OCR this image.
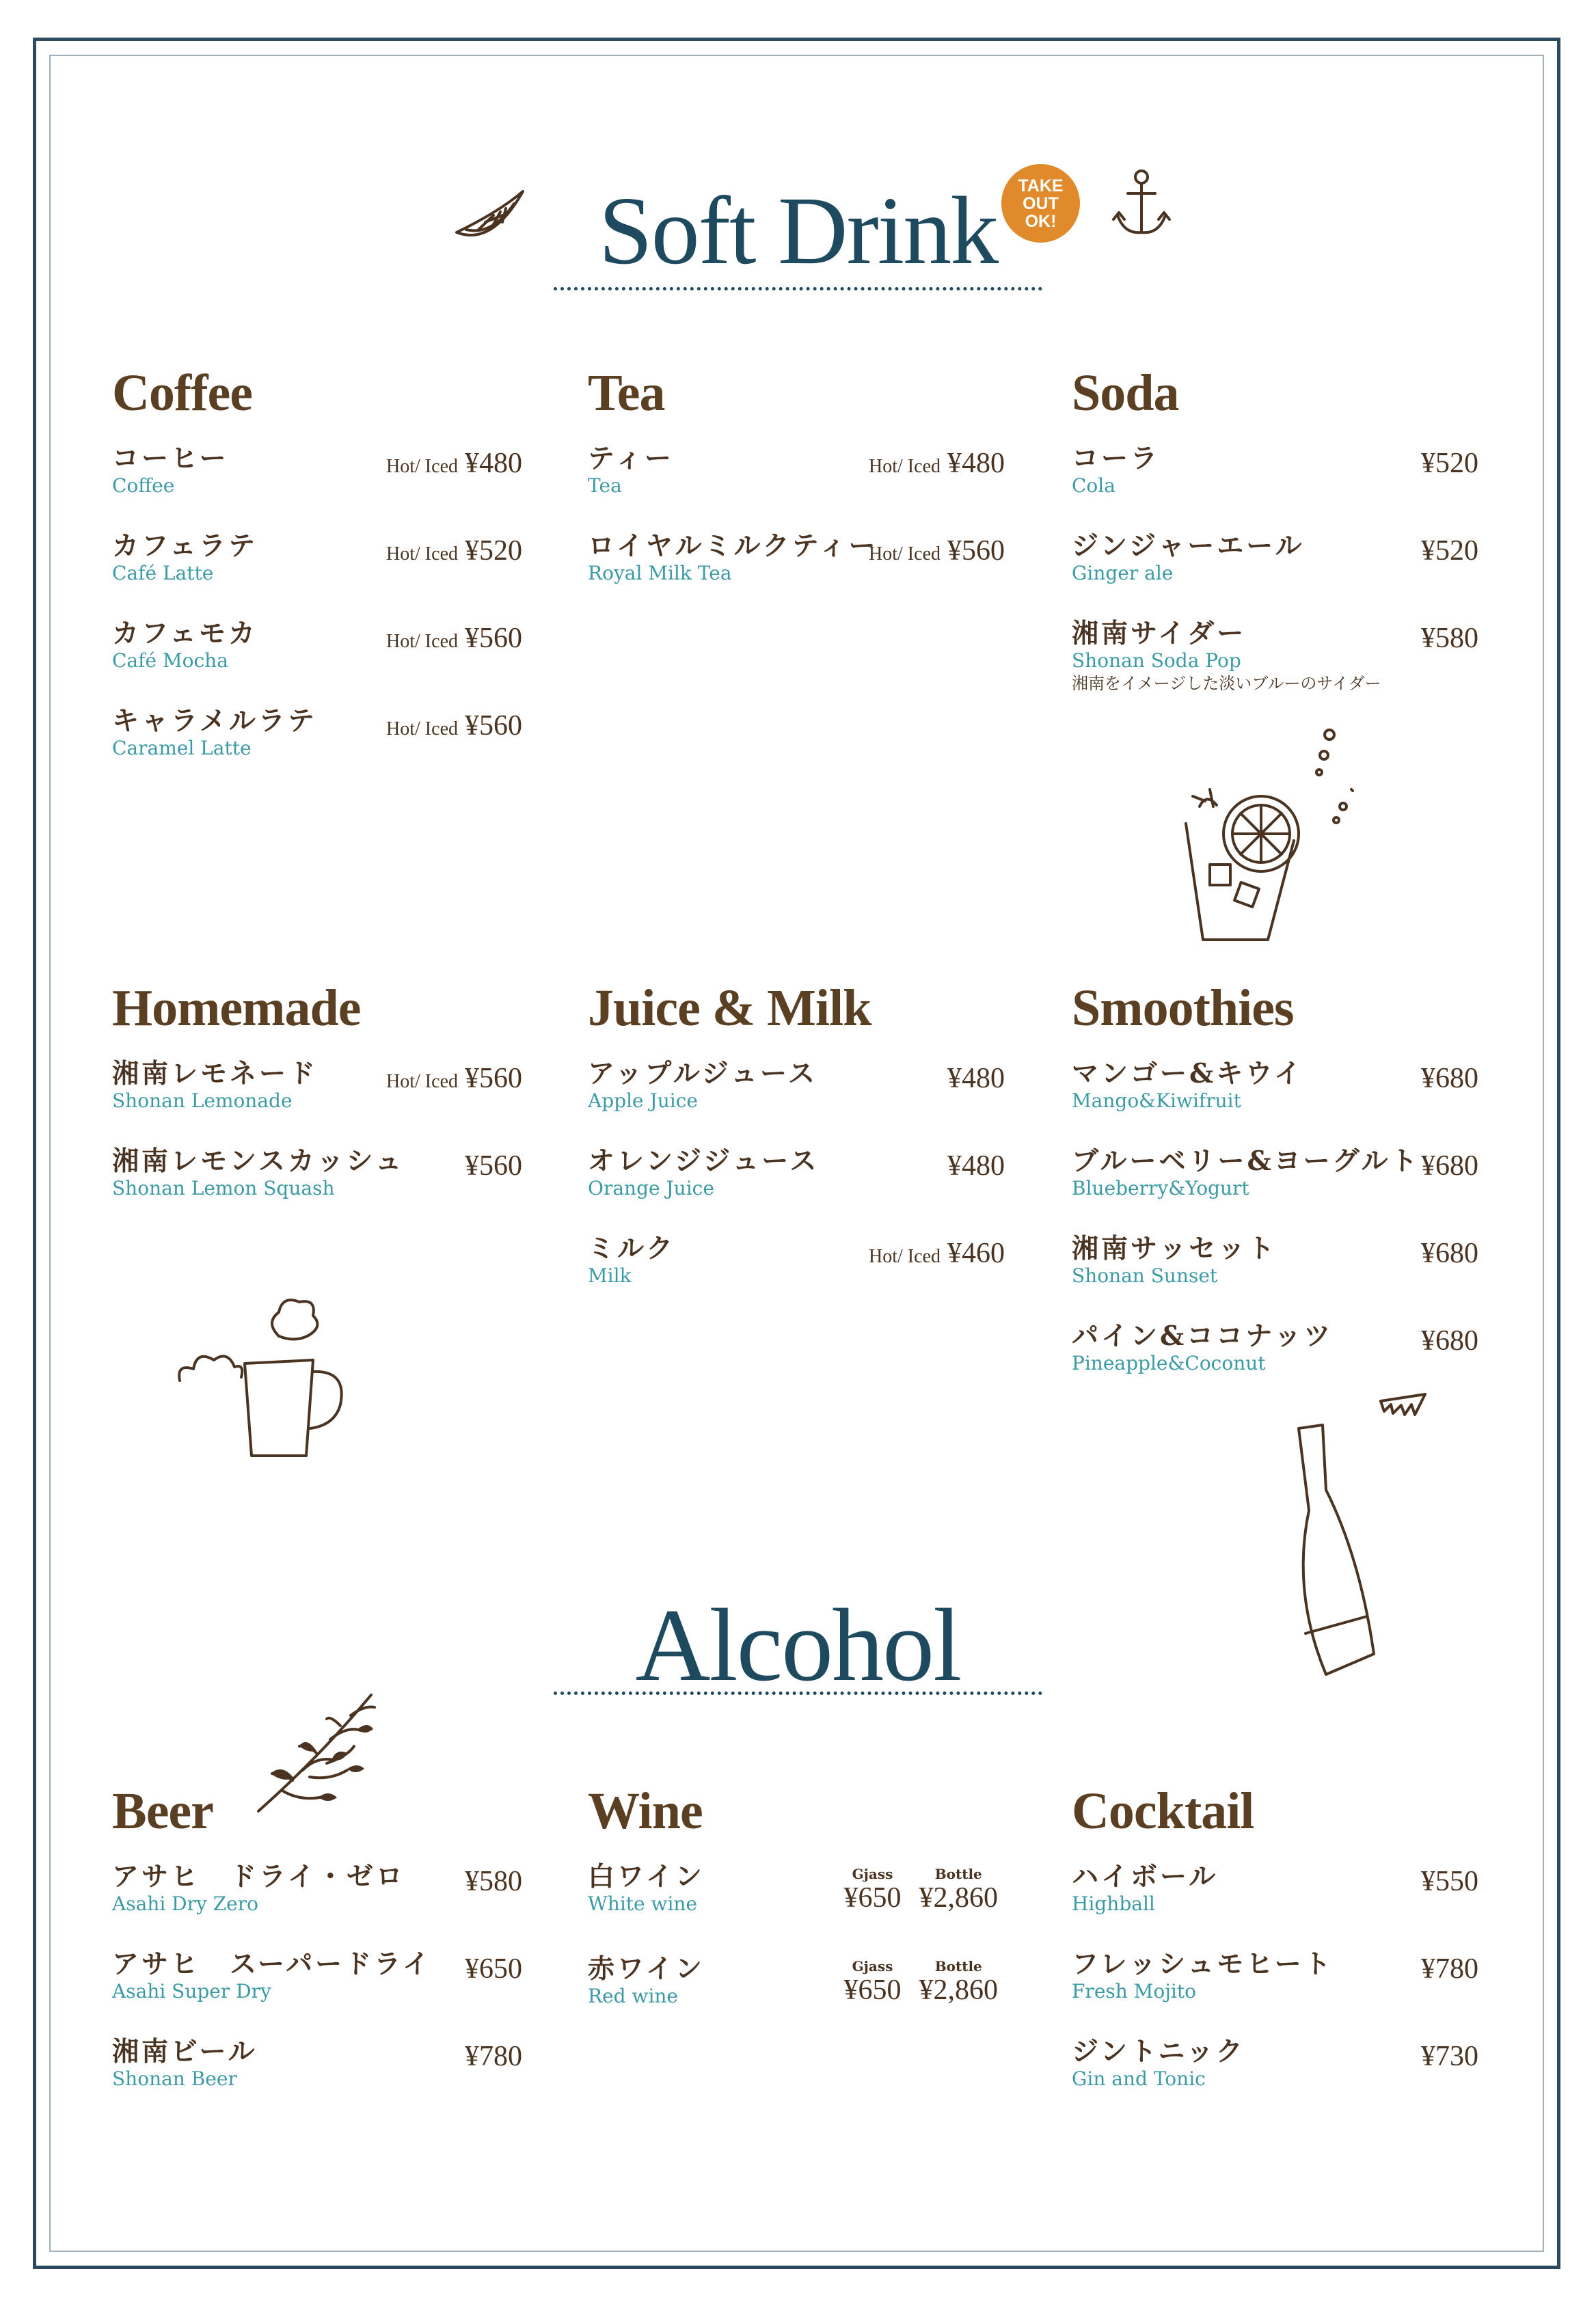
Soft Drink	TAKE
OUT
OK!
Alcohol
Coffee
コーヒー
Coffee
Hot/ Iced ¥480
カフェラテ
Café Latte
Hot/ Iced ¥520
カフェモカ
Café Mocha
Hot/ Iced ¥560
キャラメルラテ
Caramel Latte
Hot/ Iced ¥560
Tea
ティー
Tea
Hot/ Iced ¥480
ロイヤルミルクティー
Royal Milk Tea
Hot/ Iced ¥560
Soda
コーラ
Cola
¥520
ジンジャーエール
Ginger ale
¥520
湘南サイダー
Shonan Soda Pop
湘南をイメージした淡いブルーのサイダー
¥580
Homemade
湘南レモネード
Shonan Lemonade
Hot/ Iced ¥560
湘南レモンスカッシュ
Shonan Lemon Squash
¥560
Juice & Milk
アップルジュース
Apple Juice
¥480
オレンジジュース
Orange Juice
¥480
ミルク
Milk
Hot/ Iced ¥460
Smoothies
マンゴー&キウイ
Mango&Kiwifruit
¥680
ブルーベリー&ヨーグルト
Blueberry&Yogurt
¥680
湘南サッセット
Shonan Sunset
¥680
パイン&ココナッツ
Pineapple&Coconut
¥680
Beer
アサヒ　ドライ・ゼロ
Asahi Dry Zero
¥580
アサヒ　スーパードライ
Asahi Super Dry
¥650
湘南ビール
Shonan Beer
¥780
Wine
白ワイン
White wine
Gjass
¥650
Bottle
¥2,860
赤ワイン
Red wine
Gjass
¥650
Bottle
¥2,860
Cocktail
ハイボール
Highball
¥550
フレッシュモヒート
Fresh Mojito
¥780
ジントニック
Gin and Tonic
¥730
